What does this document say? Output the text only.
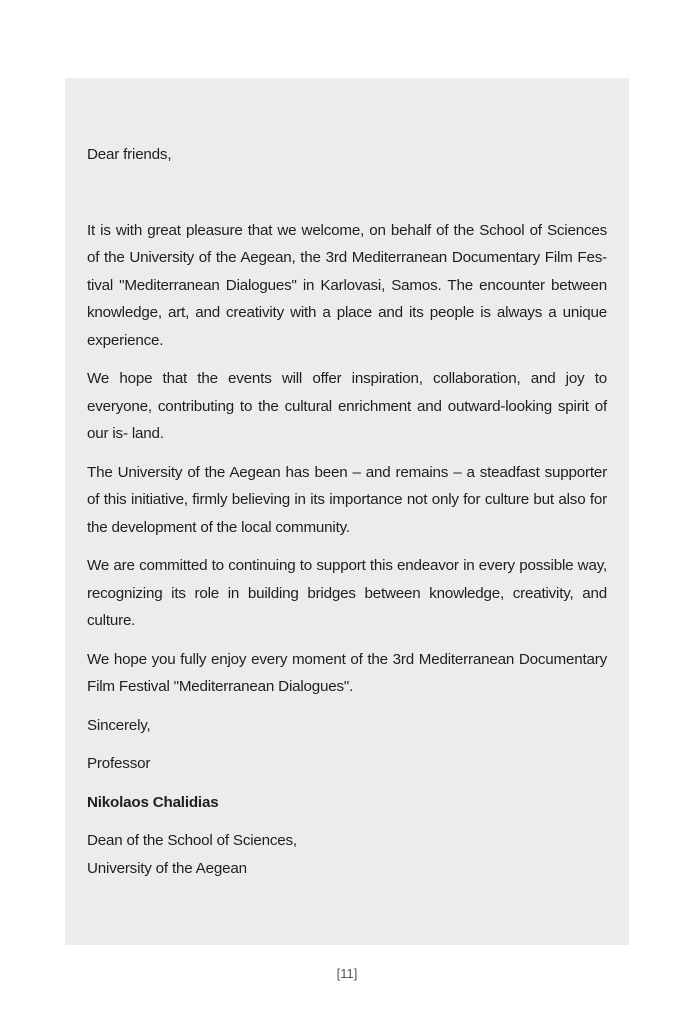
Dear friends,

It is with great pleasure that we welcome, on behalf of the School of Sciences of the University of the Aegean, the 3rd Mediterranean Documentary Film Fes- tival "Mediterranean Dialogues" in Karlovasi, Samos. The encounter between knowledge, art, and creativity with a place and its people is always a unique experience.

We hope that the events will offer inspiration, collaboration, and joy to everyone, contributing to the cultural enrichment and outward-looking spirit of our is- land.

The University of the Aegean has been – and remains – a steadfast supporter of this initiative, firmly believing in its importance not only for culture but also for the development of the local community.

We are committed to continuing to support this endeavor in every possible way, recognizing its role in building bridges between knowledge, creativity, and culture.

We hope you fully enjoy every moment of the 3rd Mediterranean Documentary Film Festival "Mediterranean Dialogues".

Sincerely,

Professor

Nikolaos Chalidias

Dean of the School of Sciences,

University of the Aegean

[11]
